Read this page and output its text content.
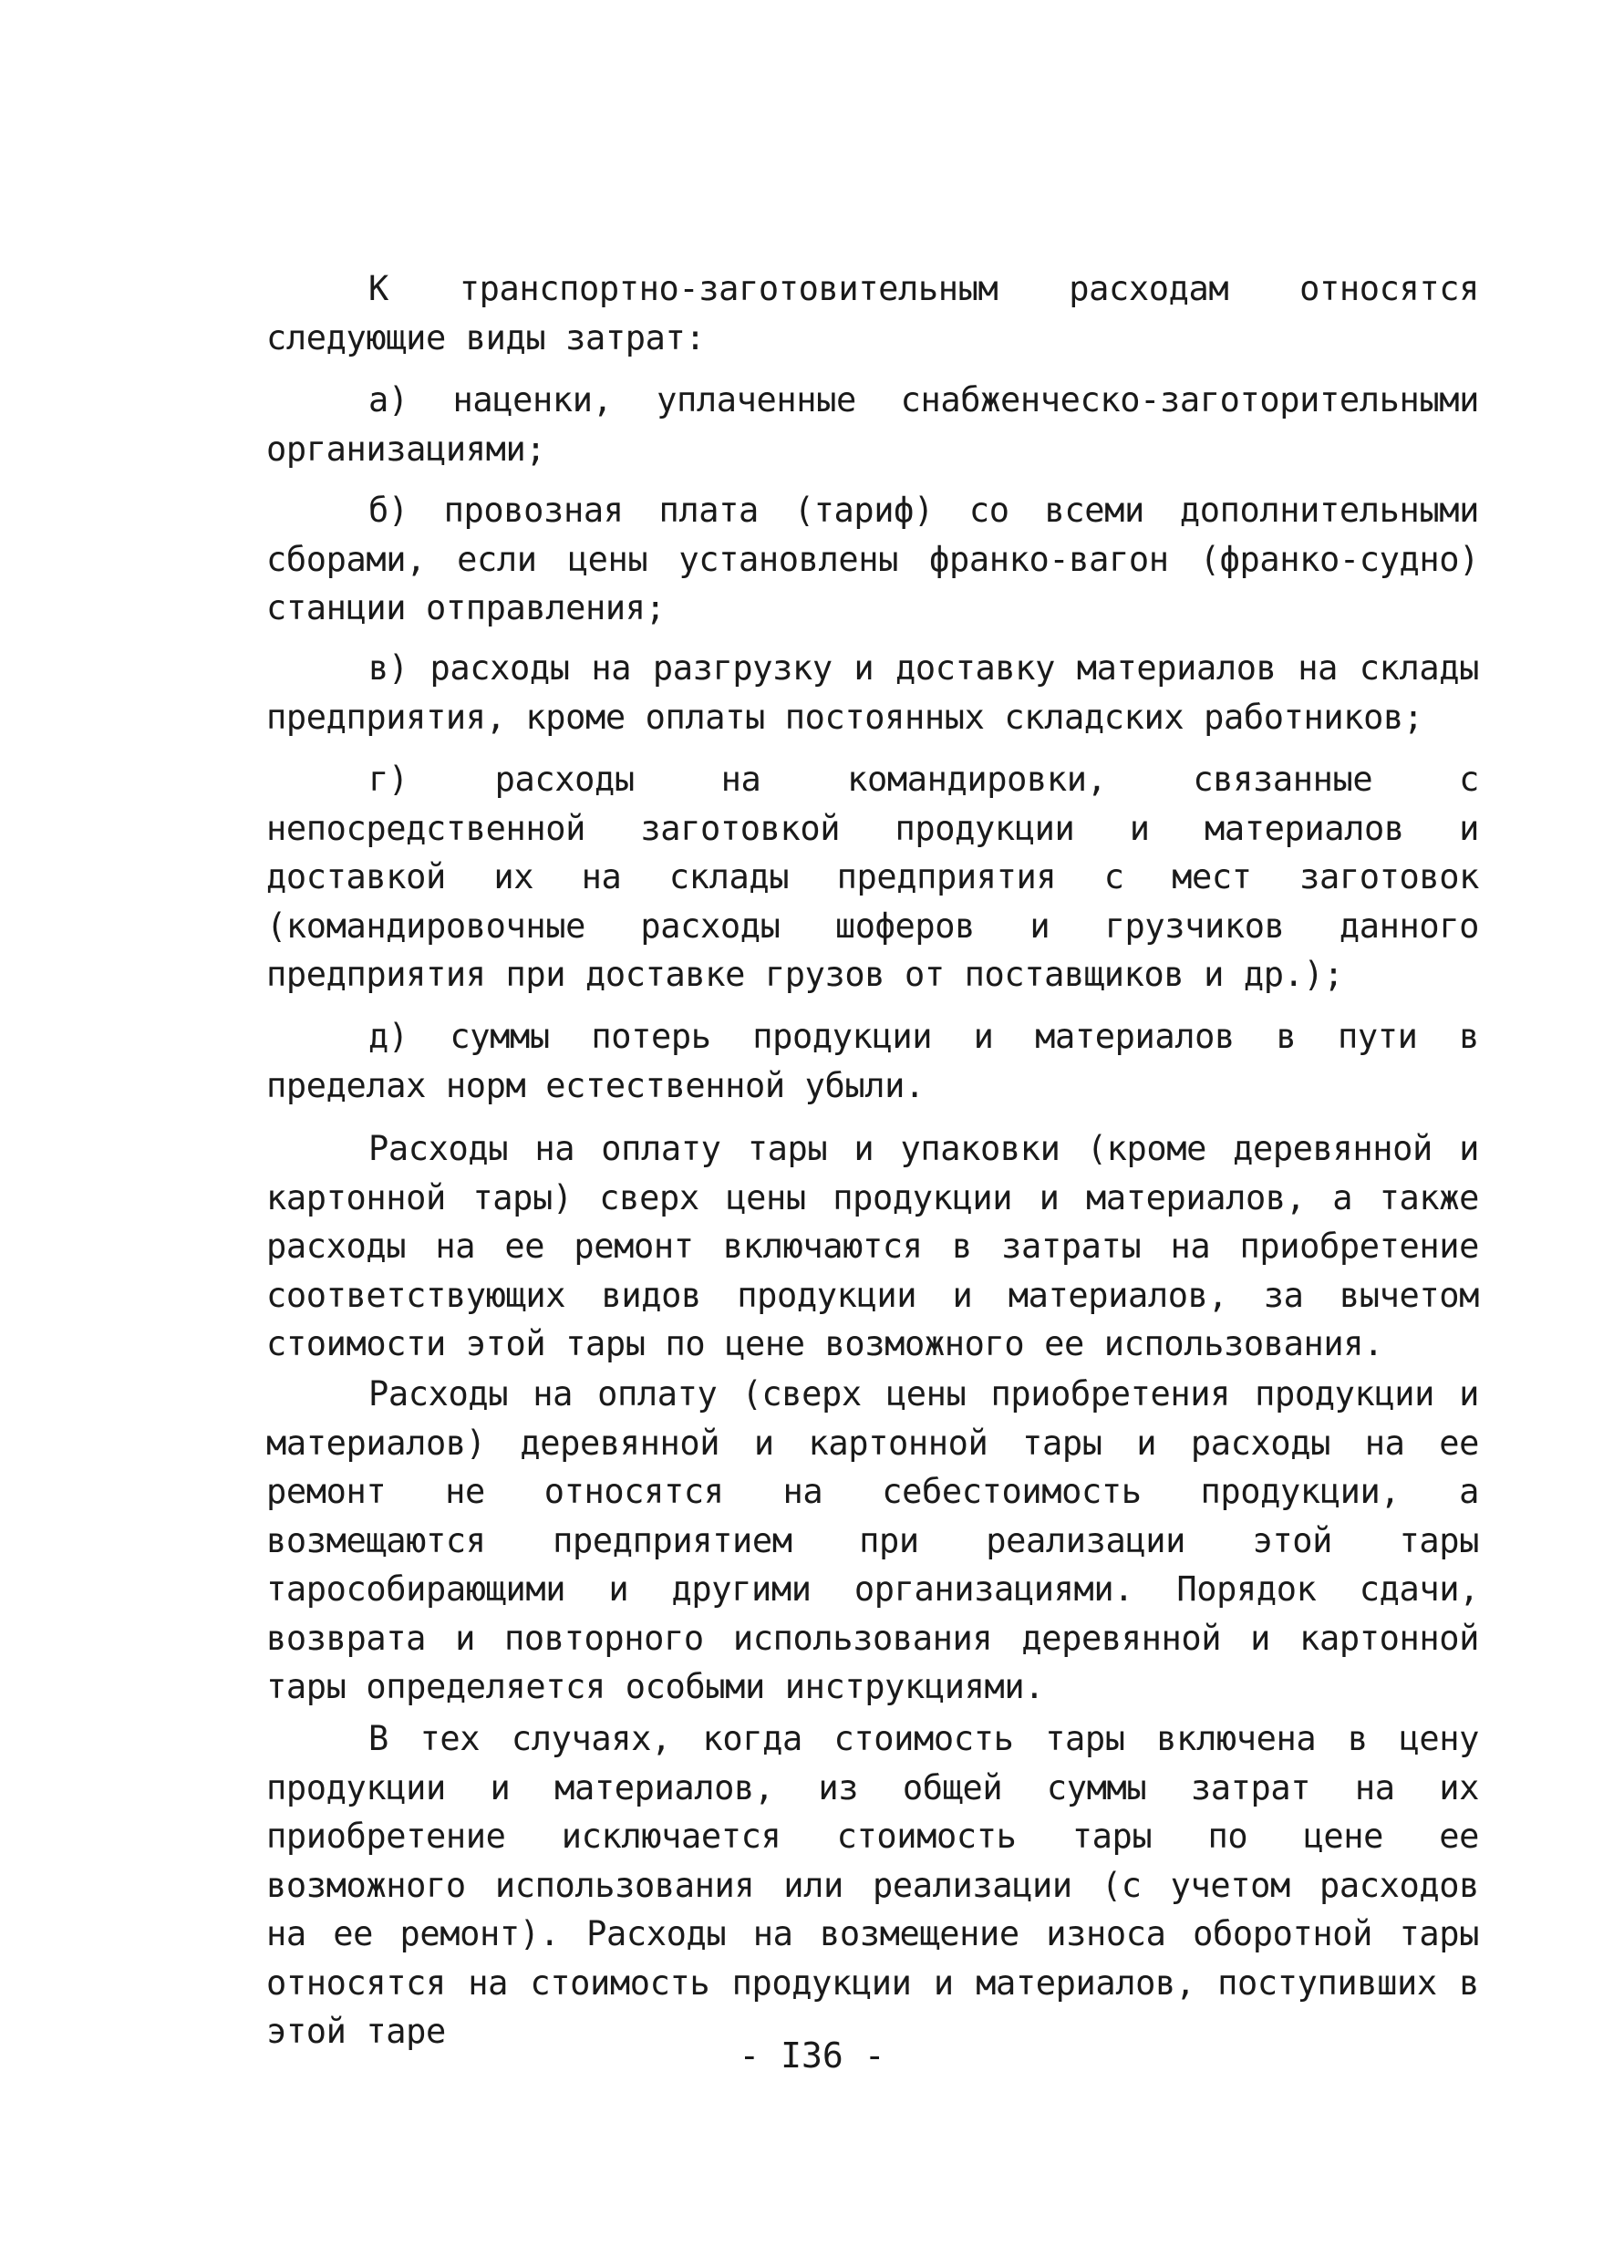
К транспортно-заготовительным расходам относятся следующие виды затрат:

а) наценки, уплаченные снабженческо-заготорительными организациями;

б) провозная плата (тариф) со всеми дополнительными сборами, если цены установлены франко-вагон (франко-судно) станции отправления;

в) расходы на разгрузку и доставку материалов на склады предприятия, кроме оплаты постоянных складских работников;

г) расходы на командировки, связанные с непосредственной заготовкой продукции и материалов и доставкой их на склады предприятия с мест заготовок (командировочные расходы шоферов и грузчиков данного предприятия при доставке грузов от поставщиков и др.);

д) суммы потерь продукции и материалов в пути в пределах норм естественной убыли.

Расходы на оплату тары и упаковки (кроме деревянной и картонной тары) сверх цены продукции и материалов, а также расходы на ее ремонт включаются в затраты на приобретение соответствующих видов продукции и материалов, за вычетом стоимости этой тары по цене возможного ее использования.

Расходы на оплату (сверх цены приобретения продукции и материалов) деревянной и картонной тары и расходы на ее ремонт не относятся на себестоимость продукции, а возмещаются предприятием при реализации этой тары тарособирающими и другими организациями. Порядок сдачи, возврата и повторного использования деревянной и картонной тары определяется особыми инструкциями.

В тех случаях, когда стоимость тары включена в цену продукции и материалов, из общей суммы затрат на их приобретение исключается стоимость тары по цене ее возможного использования или реализации (с учетом расходов на ее ремонт). Расходы на возмещение износа оборотной тары относятся на стоимость продукции и материалов, поступивших в этой таре

- I36 -
